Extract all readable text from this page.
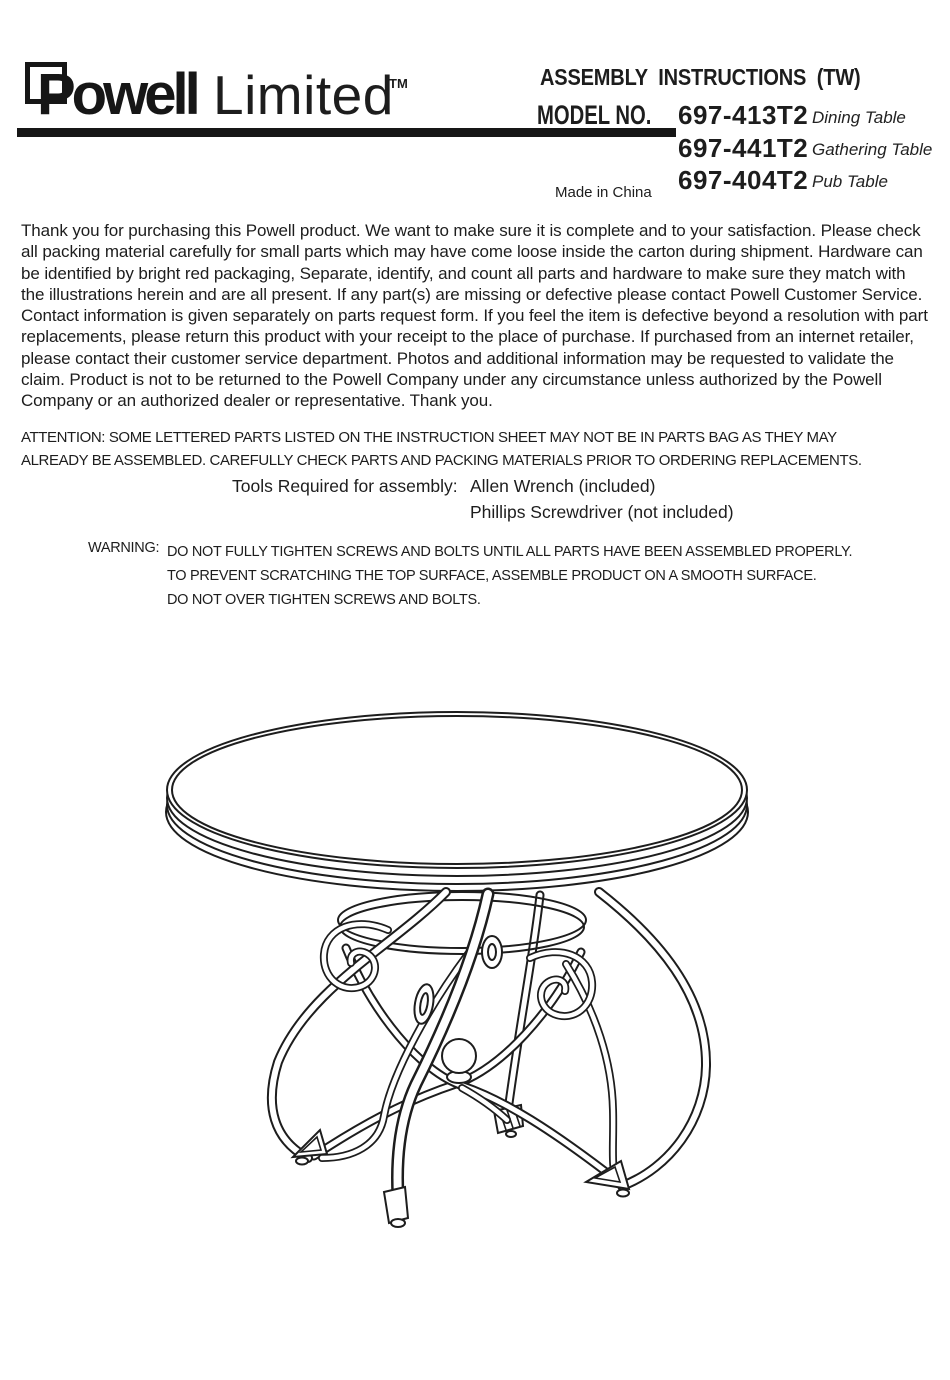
Powell Limited
TM	ASSEMBLY INSTRUCTIONS (TW)
MODEL NO. 697-413T2 Dining Table
697-441T2 Gathering Table
697-404T2 Pub Table
Made in China

Thank you for purchasing this Powell product. We want to make sure it is complete and to your satisfaction. Please check all packing material carefully for small parts which may have come loose inside the carton during shipment. Hardware can be identified by bright red packaging, Separate, identify, and count all parts and hardware to make sure they match with the illustrations herein and are all present. If any part(s) are missing or defective please contact Powell Customer Service. Contact information is given separately on parts request form. If you feel the item is defective beyond a resolution with part replacements, please return this product with your receipt to the place of purchase. If purchased from an internet retailer, please contact their customer service department. Photos and additional information may be requested to validate the claim. Product is not to be returned to the Powell Company under any circumstance unless authorized by the Powell Company or an authorized dealer or representative. Thank you.

ATTENTION: SOME LETTERED PARTS LISTED ON THE INSTRUCTION SHEET MAY NOT BE IN PARTS BAG AS THEY MAY ALREADY BE ASSEMBLED. CAREFULLY CHECK PARTS AND PACKING MATERIALS PRIOR TO ORDERING REPLACEMENTS.

Tools Required for assembly: Allen Wrench (included)
Phillips Screwdriver (not included)
WARNING: DO NOT FULLY TIGHTEN SCREWS AND BOLTS UNTIL ALL PARTS HAVE BEEN ASSEMBLED PROPERLY.
TO PREVENT SCRATCHING THE TOP SURFACE, ASSEMBLE PRODUCT ON A SMOOTH SURFACE.
DO NOT OVER TIGHTEN SCREWS AND BOLTS.
